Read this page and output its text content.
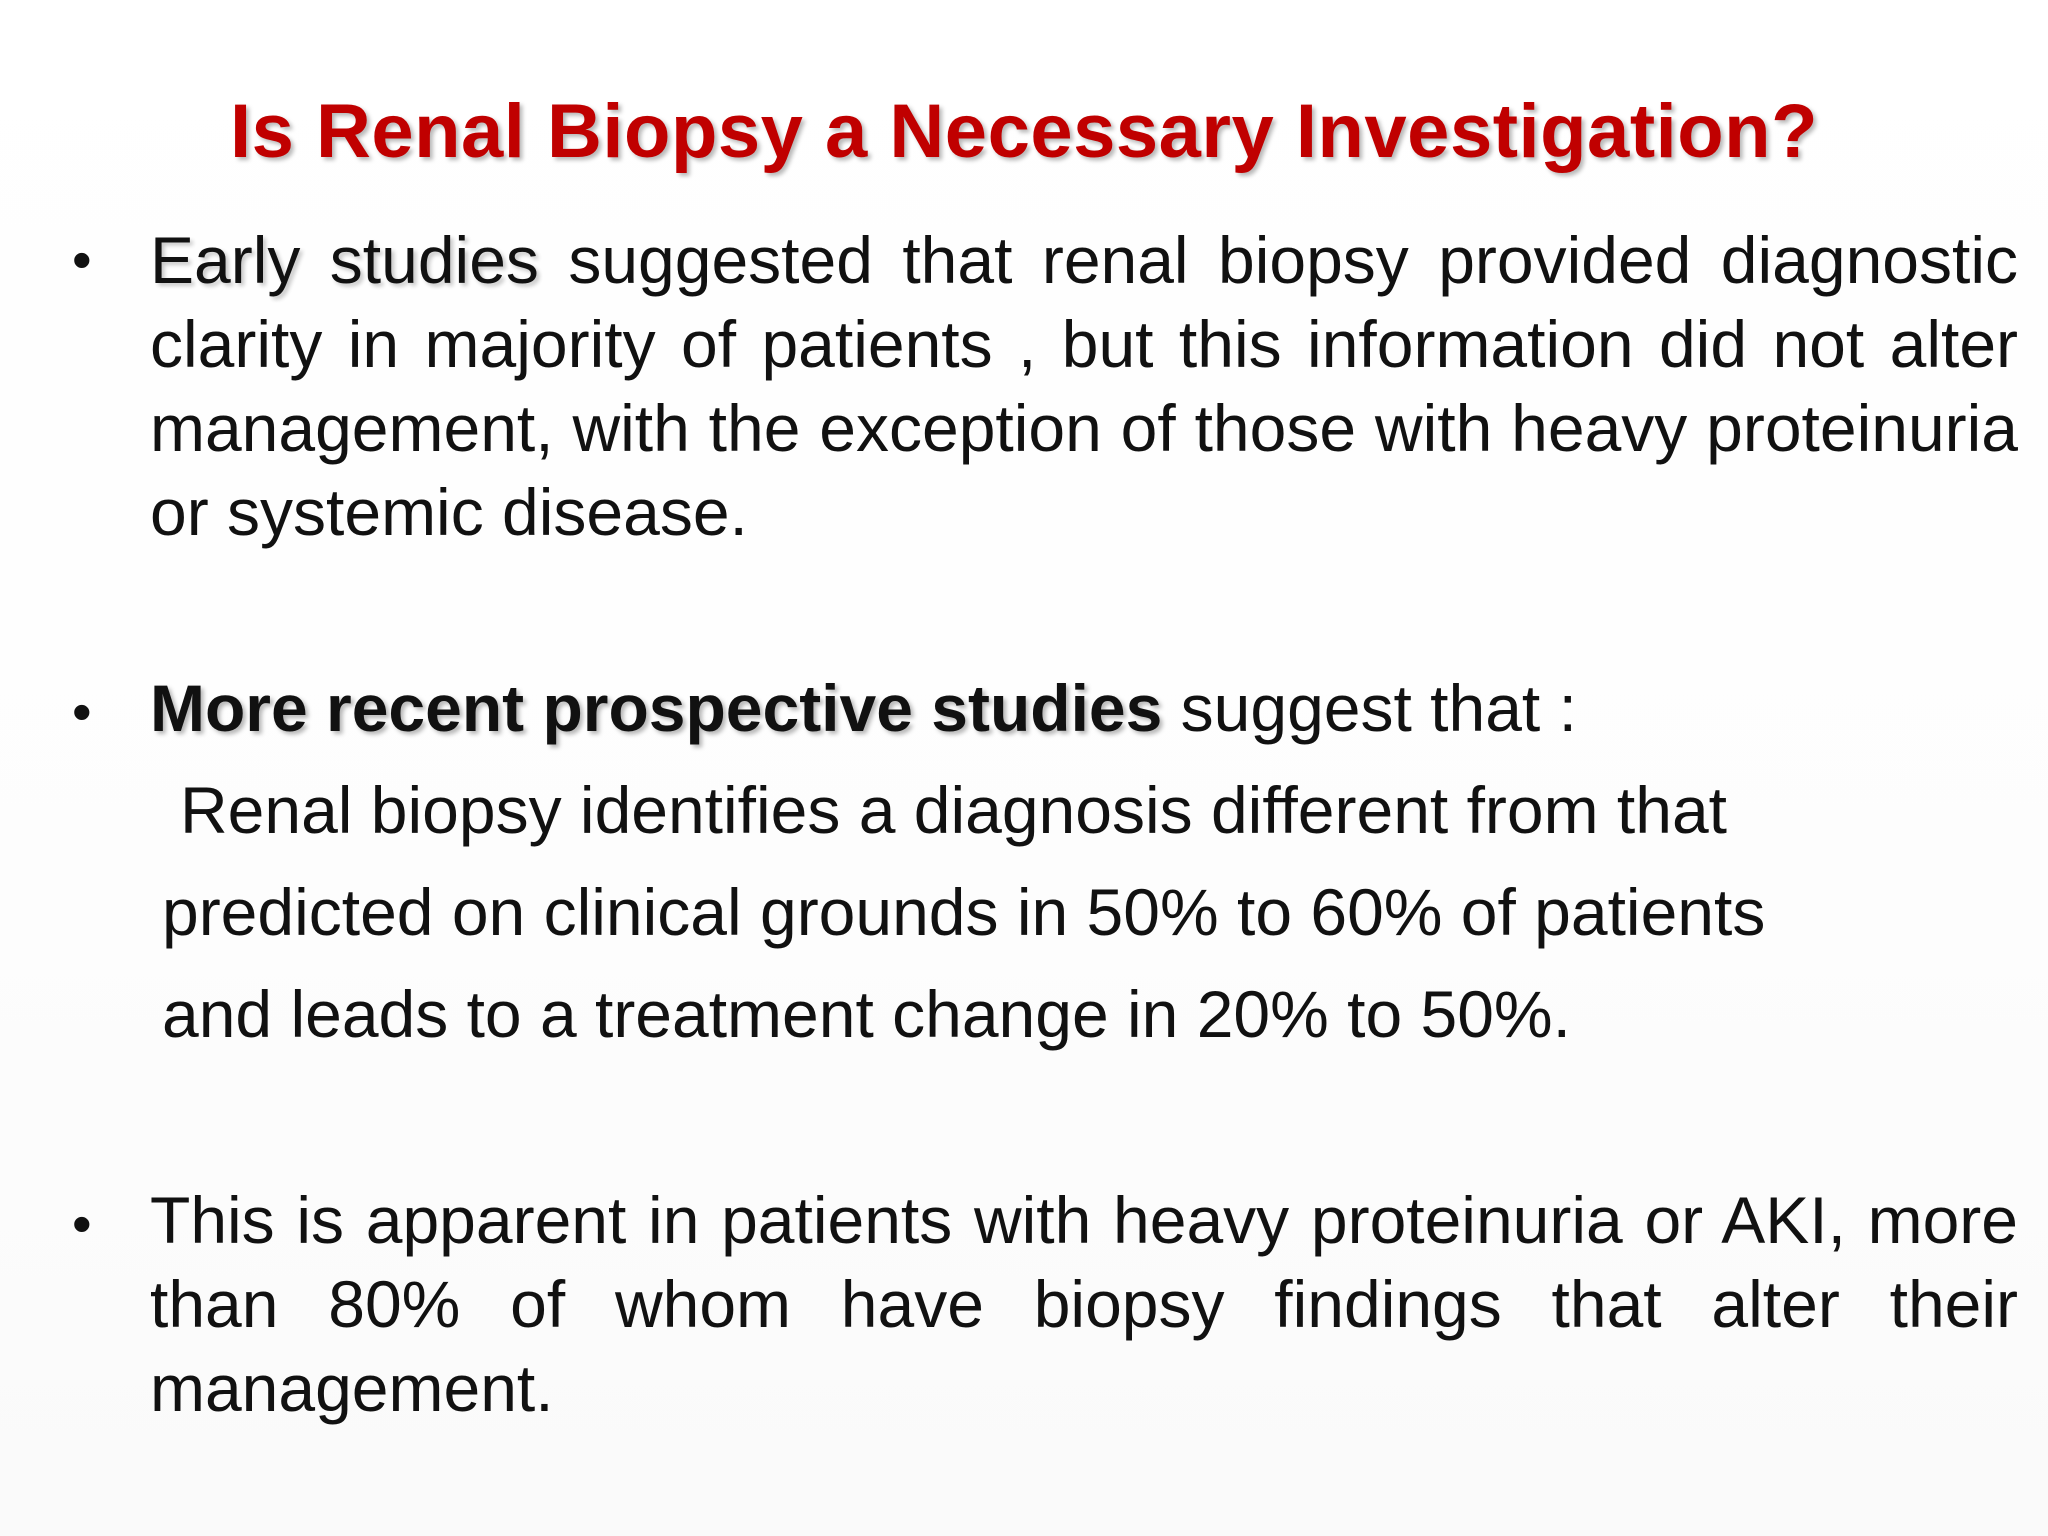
Is Renal Biopsy a Necessary Investigation?
• Early studies suggested that renal biopsy provided diagnostic clarity in majority of patients , but this information did not alter management, with the exception of those with heavy proteinuria or systemic disease.
• More recent prospective studies suggest that :
Renal biopsy identifies a diagnosis different from that
predicted on clinical grounds in 50% to 60% of patients
and leads to a treatment change in 20% to 50%.
• This is apparent in patients with heavy proteinuria or AKI, more than 80% of whom have biopsy findings that alter their management.
